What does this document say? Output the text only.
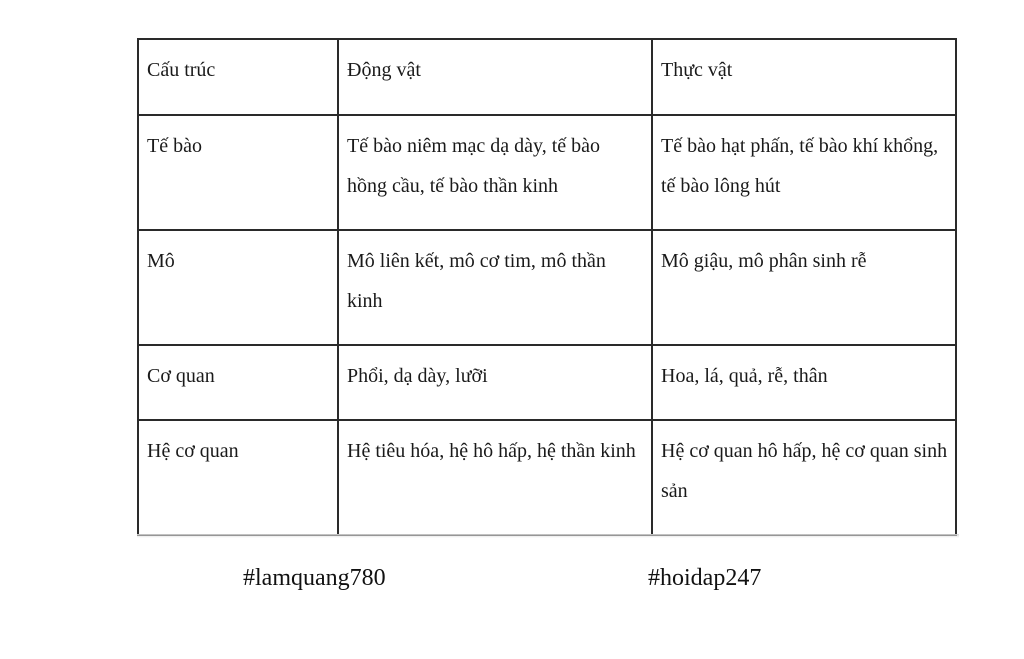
Cấu trúc	Động vật	Thực vật

Tế bào	Tế bào niêm mạc dạ dày, tế bào hồng cầu, tế bào thần kinh	Tế bào hạt phấn, tế bào khí khổng, tế bào lông hút

Mô	Mô liên kết, mô cơ tim, mô thần kinh	Mô giậu, mô phân sinh rễ

Cơ quan	Phổi, dạ dày, lưỡi	Hoa, lá, quả, rễ, thân

Hệ cơ quan	Hệ tiêu hóa, hệ hô hấp, hệ thần kinh	Hệ cơ quan hô hấp, hệ cơ quan sinh sản
#lamquang780	#hoidap247
